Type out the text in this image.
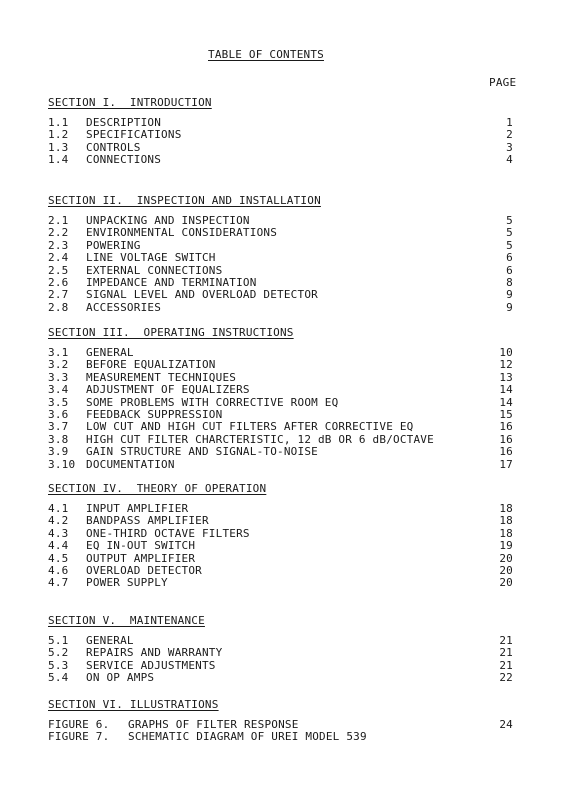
TABLE OF CONTENTS
PAGE
SECTION I.  INTRODUCTION
1.1 DESCRIPTION	1
1.2 SPECIFICATIONS	2
1.3 CONTROLS	3
1.4 CONNECTIONS	4
SECTION II.  INSPECTION AND INSTALLATION
2.1 UNPACKING AND INSPECTION	5
2.2 ENVIRONMENTAL CONSIDERATIONS	5
2.3 POWERING	5
2.4 LINE VOLTAGE SWITCH	6
2.5 EXTERNAL CONNECTIONS	6
2.6 IMPEDANCE AND TERMINATION	8
2.7 SIGNAL LEVEL AND OVERLOAD DETECTOR	9
2.8 ACCESSORIES	9
SECTION III.  OPERATING INSTRUCTIONS
3.1 GENERAL	10
3.2 BEFORE EQUALIZATION	12
3.3 MEASUREMENT TECHNIQUES	13
3.4 ADJUSTMENT OF EQUALIZERS	14
3.5 SOME PROBLEMS WITH CORRECTIVE ROOM EQ	14
3.6 FEEDBACK SUPPRESSION	15
3.7 LOW CUT AND HIGH CUT FILTERS AFTER CORRECTIVE EQ	16
3.8 HIGH CUT FILTER CHARCTERISTIC, 12 dB OR 6 dB/OCTAVE	16
3.9 GAIN STRUCTURE AND SIGNAL-TO-NOISE	16
3.10 DOCUMENTATION	17
SECTION IV.  THEORY OF OPERATION
4.1 INPUT AMPLIFIER	18
4.2 BANDPASS AMPLIFIER	18
4.3 ONE-THIRD OCTAVE FILTERS	18
4.4 EQ IN-OUT SWITCH	19
4.5 OUTPUT AMPLIFIER	20
4.6 OVERLOAD DETECTOR	20
4.7 POWER SUPPLY	20
SECTION V.  MAINTENANCE
5.1 GENERAL	21
5.2 REPAIRS AND WARRANTY	21
5.3 SERVICE ADJUSTMENTS	21
5.4 ON OP AMPS	22
SECTION VI. ILLUSTRATIONS
FIGURE 6. GRAPHS OF FILTER RESPONSE	24
FIGURE 7. SCHEMATIC DIAGRAM OF UREI MODEL 539
